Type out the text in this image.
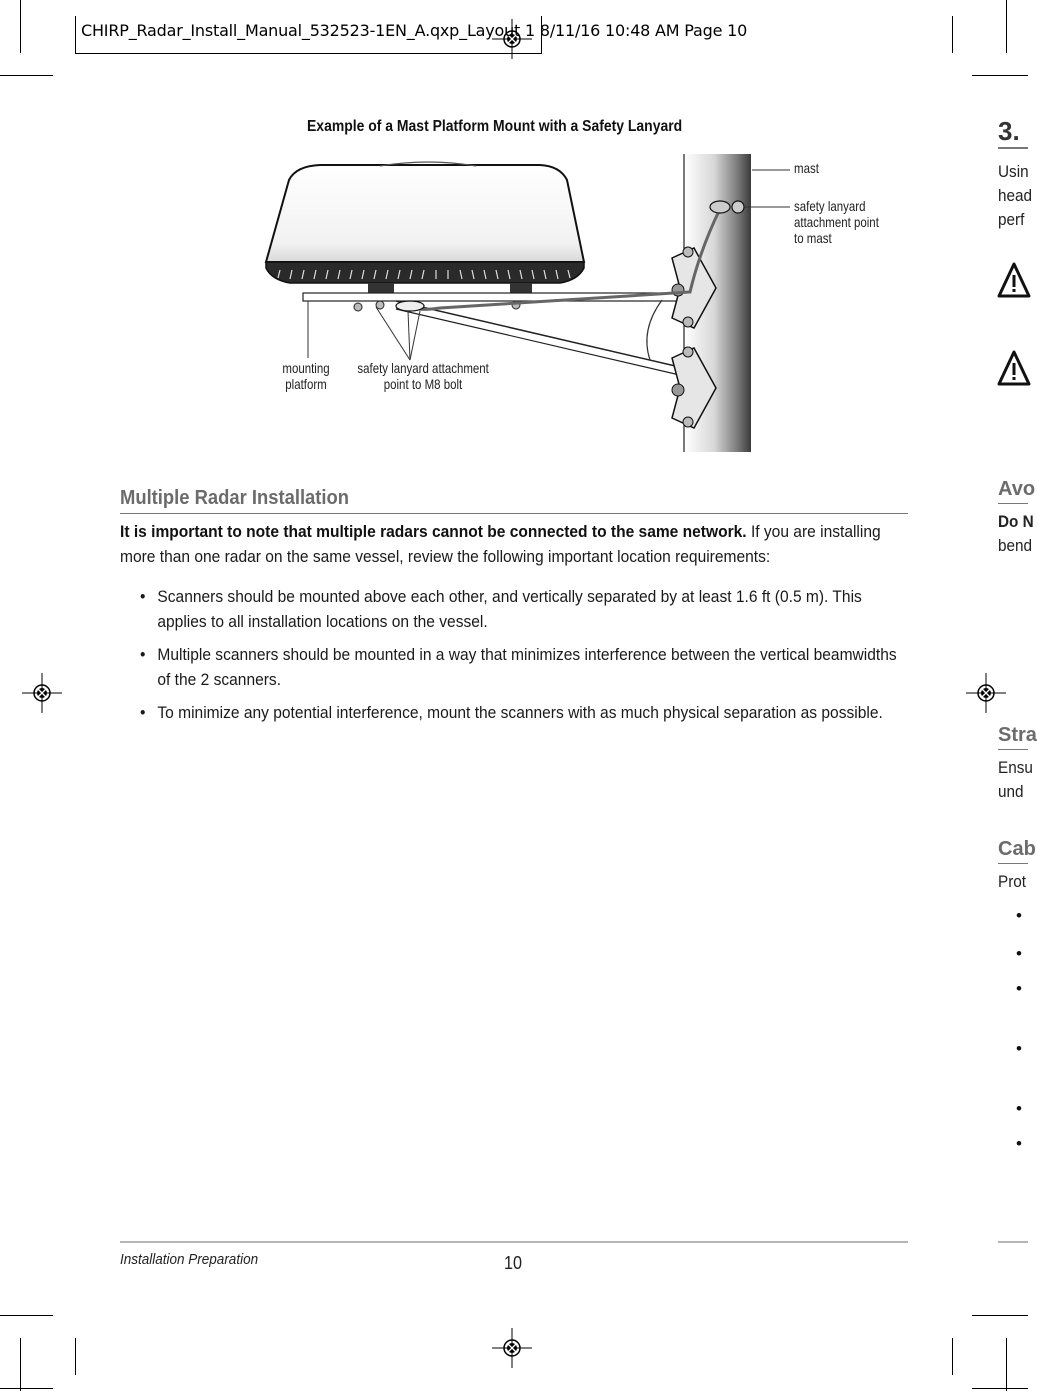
CHIRP_Radar_Install_Manual_532523-1EN_A.qxp_Layout 1 8/11/16 10:48 AM Page 10
Example of a Mast Platform Mount with a Safety Lanyard
mast
safety lanyard
attachment point
to mast
mounting
platform
safety lanyard attachment
point to M8 bolt
Multiple Radar Installation
It is important to note that multiple radars cannot be connected to the same network. If you are installing more than one radar on the same vessel, review the following important location requirements:
• Scanners should be mounted above each other, and vertically separated by at least 1.6 ft (0.5 m). This applies to all installation locations on the vessel.
• Multiple scanners should be mounted in a way that minimizes interference between the vertical beamwidths of the 2 scanners.
• To minimize any potential interference, mount the scanners with as much physical separation as possible.
Installation Preparation	10
3.
Usin
head
perf
Avo
Do N
bend
Stra
Ensu
und
Cab
Prot
•
•
•
•
•
•
